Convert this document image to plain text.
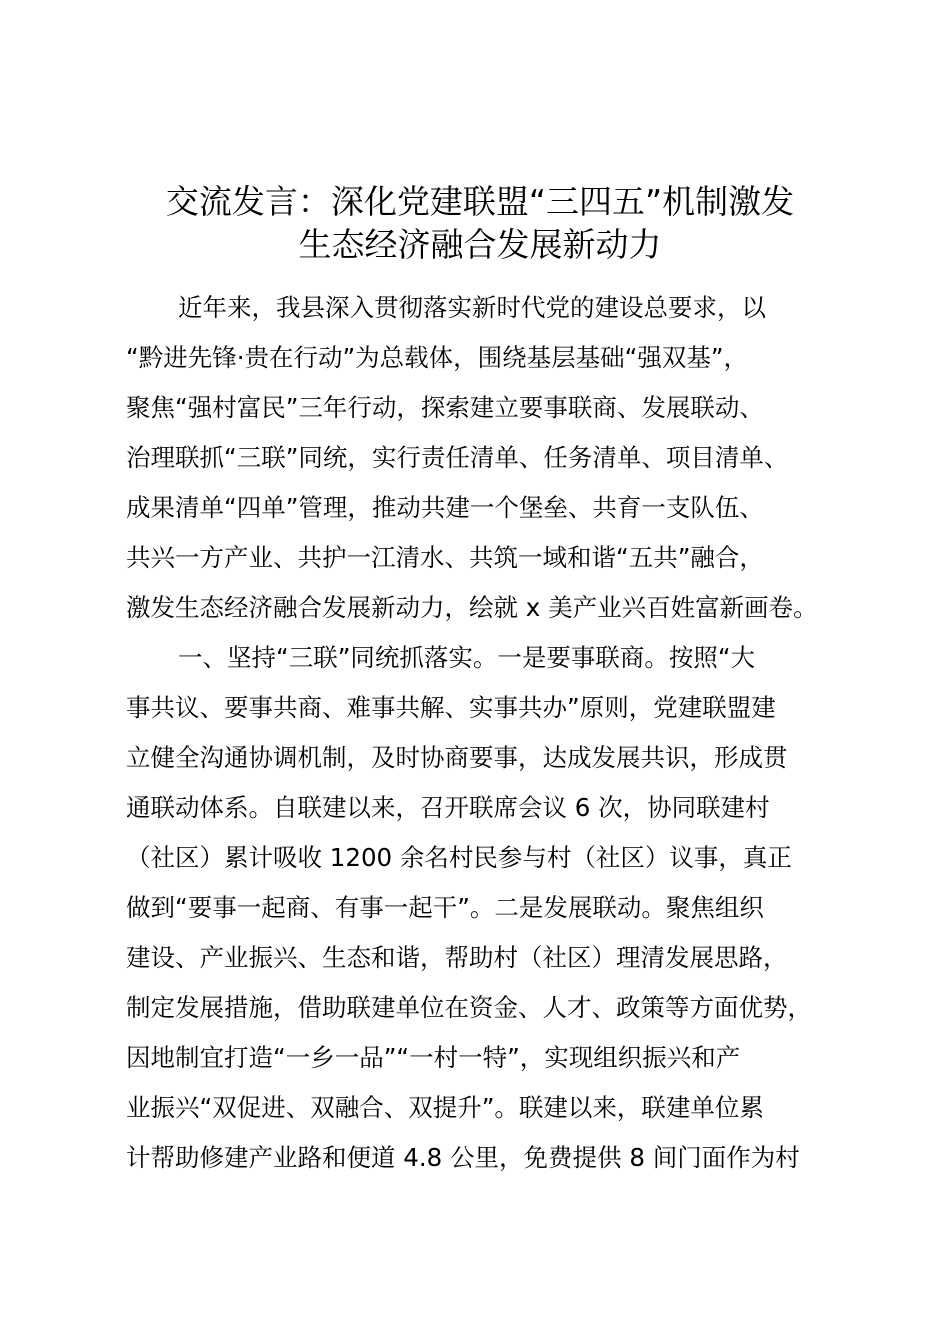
交流发言：深化党建联盟“三四五”机制激发
生态经济融合发展新动力
近年来，我县深入贯彻落实新时代党的建设总要求，以
“黔进先锋·贵在行动”为总载体，围绕基层基础“强双基”，
聚焦“强村富民”三年行动，探索建立要事联商、发展联动、
治理联抓“三联”同统，实行责任清单、任务清单、项目清单、
成果清单“四单”管理，推动共建一个堡垒、共育一支队伍、
共兴一方产业、共护一江清水、共筑一域和谐“五共”融合，
激发生态经济融合发展新动力，绘就 x 美产业兴百姓富新画卷。
一、坚持“三联”同统抓落实。一是要事联商。按照“大
事共议、要事共商、难事共解、实事共办”原则，党建联盟建
立健全沟通协调机制，及时协商要事，达成发展共识，形成贯
通联动体系。自联建以来，召开联席会议 6 次，协同联建村
（社区）累计吸收 1200 余名村民参与村（社区）议事，真正
做到“要事一起商、有事一起干”。二是发展联动。聚焦组织
建设、产业振兴、生态和谐，帮助村（社区）理清发展思路，
制定发展措施，借助联建单位在资金、人才、政策等方面优势，
因地制宜打造“一乡一品”“一村一特”，实现组织振兴和产
业振兴“双促进、双融合、双提升”。联建以来，联建单位累
计帮助修建产业路和便道 4.8 公里，免费提供 8 间门面作为村
